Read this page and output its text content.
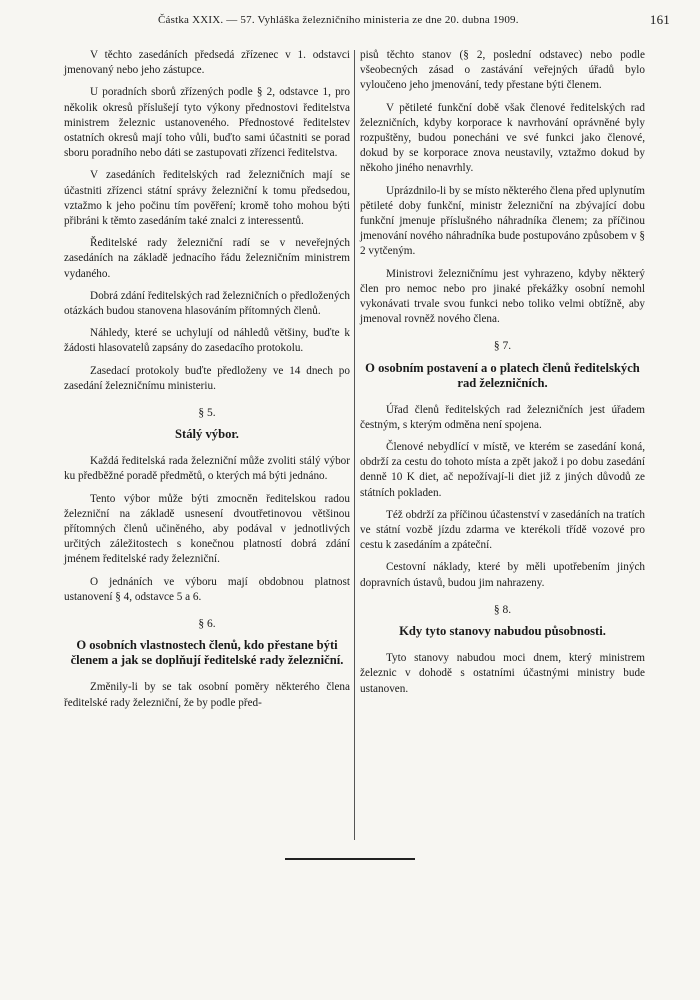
Částka XXIX. — 57. Vyhláška železničního ministeria ze dne 20. dubna 1909.	161

V těchto zasedáních předsedá zřízenec v 1. odstavci jmenovaný nebo jeho zástupce.

U poradních sborů zřízených podle § 2, odstavce 1, pro několik okresů příslušejí tyto výkony přednostovi ředitelstva ministrem železnic ustanoveného. Přednostové ředitelstev ostatních okresů mají toho vůli, buďto sami účastniti se porad sboru poradního nebo dáti se zastupovati zřízenci ředitelstva.

V zasedáních ředitelských rad železničních mají se účastniti zřízenci státní správy železniční k tomu předsedou, vztažmo k jeho počinu tím pověření; kromě toho mohou býti přibráni k těmto zasedáním také znalci z interessentů.

Ředitelské rady železniční radí se v neveřejných zasedáních na základě jednacího řádu železničním ministrem vydaného.

Dobrá zdání ředitelských rad železničních o předložených otázkách budou stanovena hlasováním přítomných členů.

Náhledy, které se uchylují od náhledů většiny, buďte k žádosti hlasovatelů zapsány do zasedacího protokolu.

Zasedací protokoly buďte předloženy ve 14 dnech po zasedání železničnímu ministeriu.

§ 5.
Stálý výbor.

Každá ředitelská rada železniční může zvoliti stálý výbor ku předběžné poradě předmětů, o kterých má býti jednáno.

Tento výbor může býti zmocněn ředitelskou radou železniční na základě usnesení dvoutřetinovou většinou přítomných členů učiněného, aby podával v jednotlivých určitých záležitostech s konečnou platností dobrá zdání jménem ředitelské rady železniční.

O jednáních ve výboru mají obdobnou platnost ustanovení § 4, odstavce 5 a 6.

§ 6.
O osobních vlastnostech členů, kdo přestane býti členem a jak se doplňují ředitelské rady železniční.

Změnily-li by se tak osobní poměry některého člena ředitelské rady železniční, že by podle před-

pisů těchto stanov (§ 2, poslední odstavec) nebo podle všeobecných zásad o zastávání veřejných úřadů bylo vyloučeno jeho jmenování, tedy přestane býti členem.

V pětileté funkční době však členové ředitelských rad železničních, kdyby korporace k navrhování oprávněné byly rozpuštěny, budou ponecháni ve své funkci jako členové, dokud by se korporace znova neustavily, vztažmo dokud by někoho jiného nenavrhly.

Uprázdnilo-li by se místo některého člena před uplynutím pětileté doby funkční, ministr železniční na zbývající dobu funkční jmenuje příslušného náhradníka členem; za příčinou jmenování nového náhradníka bude postupováno způsobem v § 2 vytčeným.

Ministrovi železničnímu jest vyhrazeno, kdyby některý člen pro nemoc nebo pro jinaké překážky osobní nemohl vykonávati trvale svou funkci nebo toliko velmi obtížně, aby jmenoval rovněž nového člena.

§ 7.
O osobním postavení a o platech členů ředitelských rad železničních.

Úřad členů ředitelských rad železničních jest úřadem čestným, s kterým odměna není spojena.

Členové nebydlící v místě, ve kterém se zasedání koná, obdrží za cestu do tohoto místa a zpět jakož i po dobu zasedání denně 10 K diet, ač nepožívají-li diet již z jiných důvodů ze státních pokladen.

Též obdrží za příčinou účastenství v zasedáních na tratích ve státní vozbě jízdu zdarma ve kterékoli třídě vozové pro cestu k zasedáním a zpáteční.

Cestovní náklady, které by měli upotřebením jiných dopravních ústavů, budou jim nahrazeny.

§ 8.
Kdy tyto stanovy nabudou působnosti.

Tyto stanovy nabudou moci dnem, který ministrem železnic v dohodě s ostatními účastnými ministry bude ustanoven.
